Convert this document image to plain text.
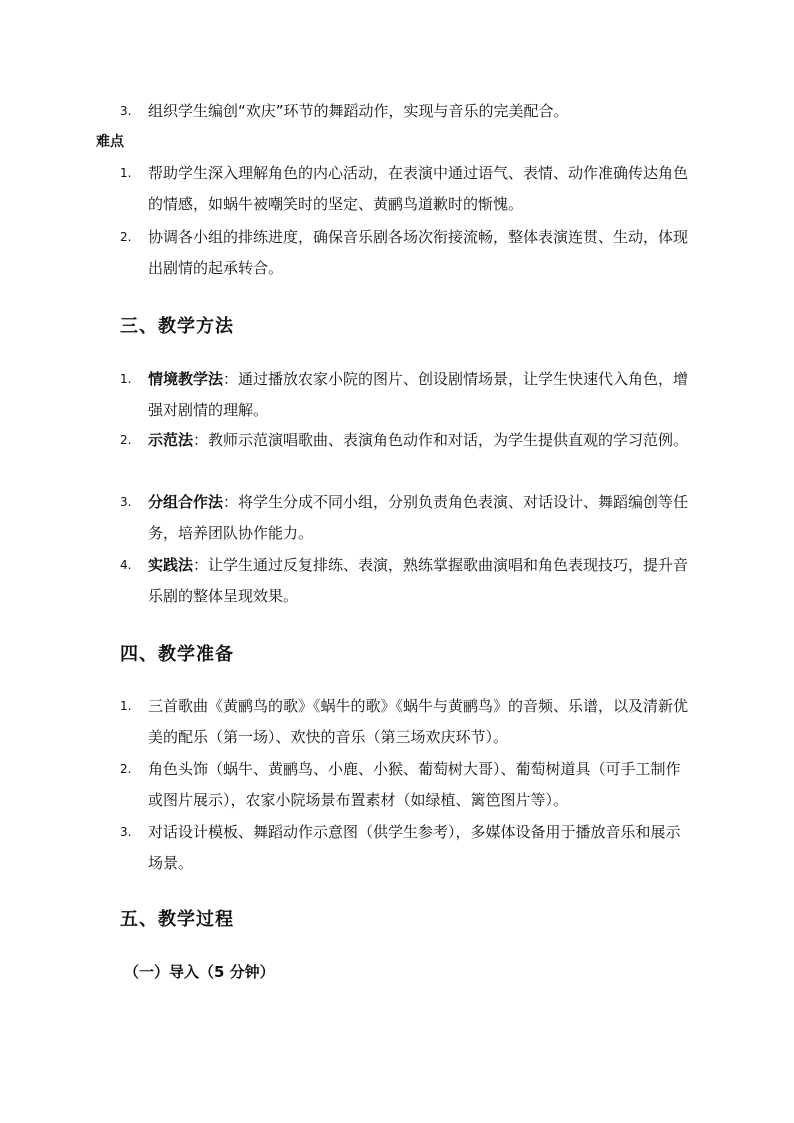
3.	组织学生编创“欢庆”环节的舞蹈动作，实现与音乐的完美配合。
难点
1.	帮助学生深入理解角色的内心活动，在表演中通过语气、表情、动作准确传达角色的情感，如蜗牛被嘲笑时的坚定、黄鹂鸟道歉时的惭愧。
2.	协调各小组的排练进度，确保音乐剧各场次衔接流畅，整体表演连贯、生动，体现出剧情的起承转合。
三、教学方法
1.	情境教学法：通过播放农家小院的图片、创设剧情场景，让学生快速代入角色，增强对剧情的理解。
2.	示范法：教师示范演唱歌曲、表演角色动作和对话，为学生提供直观的学习范例。
3.	分组合作法：将学生分成不同小组，分别负责角色表演、对话设计、舞蹈编创等任务，培养团队协作能力。
4.	实践法：让学生通过反复排练、表演，熟练掌握歌曲演唱和角色表现技巧，提升音乐剧的整体呈现效果。
四、教学准备
1.	三首歌曲《黄鹂鸟的歌》《蜗牛的歌》《蜗牛与黄鹂鸟》的音频、乐谱，以及清新优美的配乐（第一场）、欢快的音乐（第三场欢庆环节）。
2.	角色头饰（蜗牛、黄鹂鸟、小鹿、小猴、葡萄树大哥）、葡萄树道具（可手工制作或图片展示），农家小院场景布置素材（如绿植、篱笆图片等）。
3.	对话设计模板、舞蹈动作示意图（供学生参考），多媒体设备用于播放音乐和展示场景。
五、教学过程
（一）导入（5 分钟）
